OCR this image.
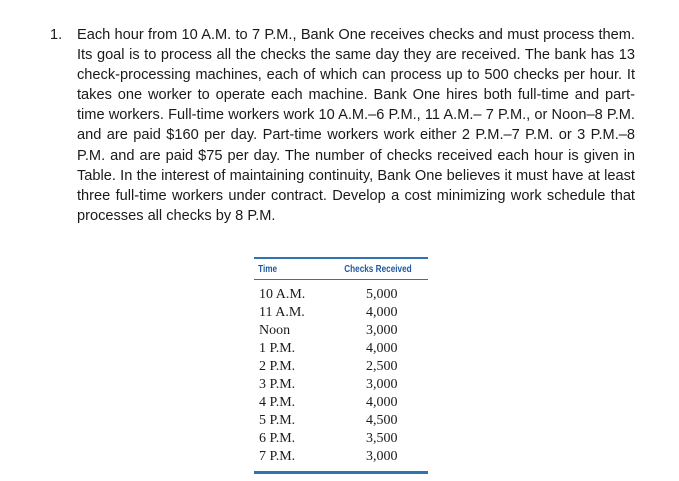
1. Each hour from 10 A.M. to 7 P.M., Bank One receives checks and must process them. Its goal is to process all the checks the same day they are received. The bank has 13 check-processing machines, each of which can process up to 500 checks per hour. It takes one worker to operate each machine. Bank One hires both full-time and part-time workers. Full-time workers work 10 A.M.–6 P.M., 11 A.M.– 7 P.M., or Noon–8 P.M. and are paid $160 per day. Part-time workers work either 2 P.M.–7 P.M. or 3 P.M.–8 P.M. and are paid $75 per day. The number of checks received each hour is given in Table. In the interest of maintaining continuity, Bank One believes it must have at least three full-time workers under contract. Develop a cost minimizing work schedule that processes all checks by 8 P.M.
Time	Checks Received
10 A.M.	5,000
11 A.M.	4,000
Noon	3,000
1 P.M.	4,000
2 P.M.	2,500
3 P.M.	3,000
4 P.M.	4,000
5 P.M.	4,500
6 P.M.	3,500
7 P.M.	3,000
